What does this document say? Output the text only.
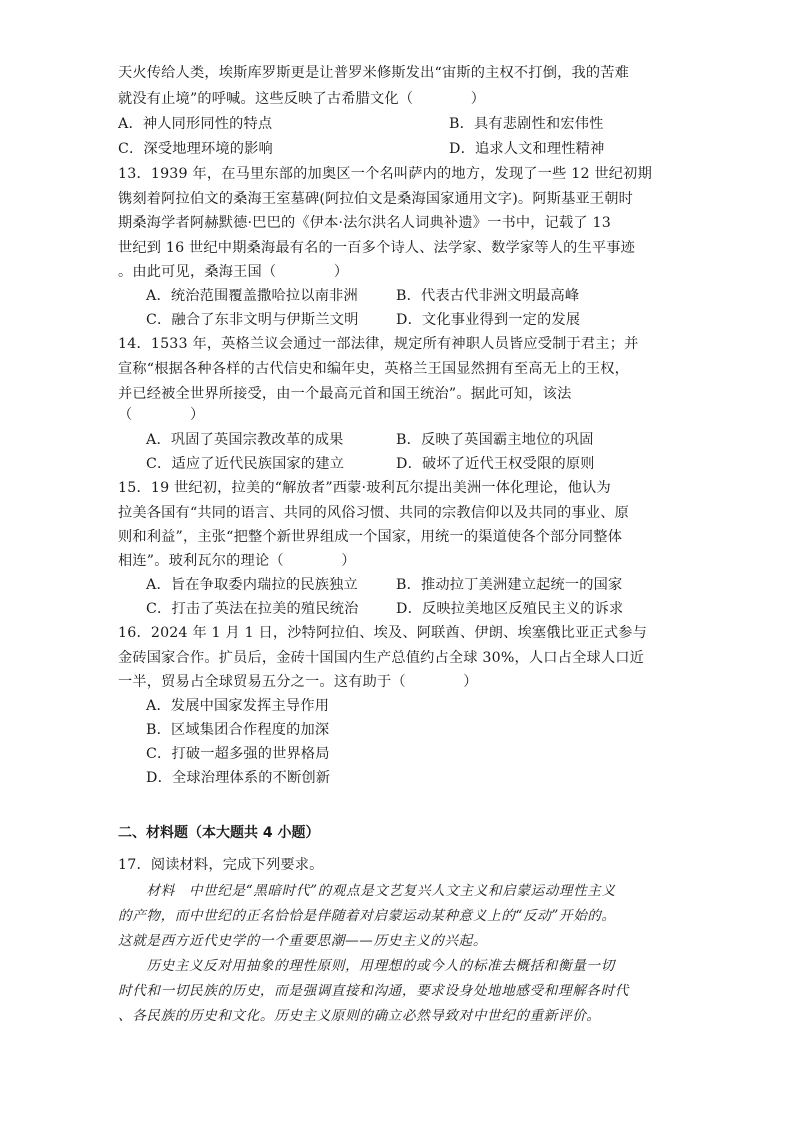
天火传给人类，埃斯库罗斯更是让普罗米修斯发出“宙斯的主权不打倒，我的苦难
就没有止境”的呼喊。这些反映了古希腊文化（　　　　）
A．神人同形同性的特点	B．具有悲剧性和宏伟性
C．深受地理环境的影响	D．追求人文和理性精神
13．1939 年，在马里东部的加奥区一个名叫萨内的地方，发现了一些 12 世纪初期
镌刻着阿拉伯文的桑海王室墓碑(阿拉伯文是桑海国家通用文字)。阿斯基亚王朝时
期桑海学者阿赫默德·巴巴的《伊本·法尔洪名人词典补遗》一书中，记载了 13
世纪到 16 世纪中期桑海最有名的一百多个诗人、法学家、数学家等人的生平事迹
。由此可见，桑海王国（　　　　）
A．统治范围覆盖撒哈拉以南非洲	B．代表古代非洲文明最高峰
C．融合了东非文明与伊斯兰文明	D．文化事业得到一定的发展
14．1533 年，英格兰议会通过一部法律，规定所有神职人员皆应受制于君主；并
宣称“根据各种各样的古代信史和编年史，英格兰王国显然拥有至高无上的王权，
并已经被全世界所接受，由一个最高元首和国王统治”。据此可知，该法
（　　　　）
A．巩固了英国宗教改革的成果	B．反映了英国霸主地位的巩固
C．适应了近代民族国家的建立	D．破坏了近代王权受限的原则
15．19 世纪初，拉美的“解放者”西蒙·玻利瓦尔提出美洲一体化理论，他认为
拉美各国有“共同的语言、共同的风俗习惯、共同的宗教信仰以及共同的事业、原
则和利益”，主张“把整个新世界组成一个国家，用统一的渠道使各个部分同整体
相连”。玻利瓦尔的理论（　　　　）
A．旨在争取委内瑞拉的民族独立	B．推动拉丁美洲建立起统一的国家
C．打击了英法在拉美的殖民统治	D．反映拉美地区反殖民主义的诉求
16．2024 年 1 月 1 日，沙特阿拉伯、埃及、阿联酋、伊朗、埃塞俄比亚正式参与
金砖国家合作。扩员后，金砖十国国内生产总值约占全球 30%，人口占全球人口近
一半，贸易占全球贸易五分之一。这有助于（　　　　）
A．发展中国家发挥主导作用
B．区域集团合作程度的加深
C．打破一超多强的世界格局
D．全球治理体系的不断创新
二、材料题（本大题共 4 小题）
17．阅读材料，完成下列要求。
　　材料　中世纪是“黑暗时代”的观点是文艺复兴人文主义和启蒙运动理性主义
的产物，而中世纪的正名恰恰是伴随着对启蒙运动某种意义上的“反动”开始的。
这就是西方近代史学的一个重要思潮——历史主义的兴起。
　　历史主义反对用抽象的理性原则，用理想的或今人的标准去概括和衡量一切
时代和一切民族的历史，而是强调直接和沟通，要求设身处地地感受和理解各时代
、各民族的历史和文化。历史主义原则的确立必然导致对中世纪的重新评价。
